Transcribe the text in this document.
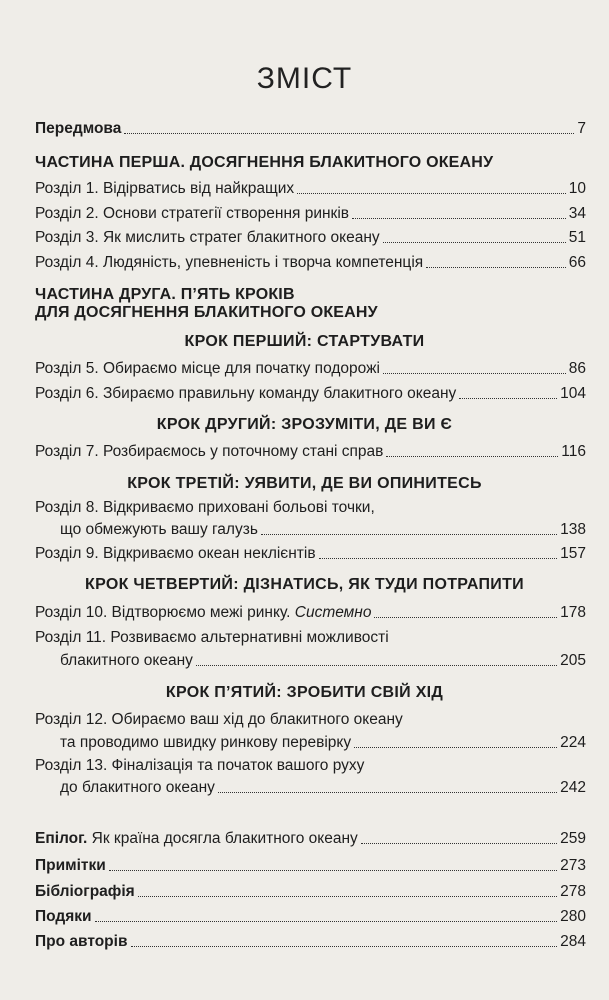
ЗМІСТ
Передмова	7
ЧАСТИНА ПЕРША. ДОСЯГНЕННЯ БЛАКИТНОГО ОКЕАНУ
Розділ 1. Відірватись від найкращих	10
Розділ 2. Основи стратегії створення ринків	34
Розділ 3. Як мислить стратег блакитного океану	51
Розділ 4. Людяність, упевненість і творча компетенція	66
ЧАСТИНА ДРУГА. П’ЯТЬ КРОКІВ
ДЛЯ ДОСЯГНЕННЯ БЛАКИТНОГО ОКЕАНУ
КРОК ПЕРШИЙ: СТАРТУВАТИ
Розділ 5. Обираємо місце для початку подорожі	86
Розділ 6. Збираємо правильну команду блакитного океану	104
КРОК ДРУГИЙ: ЗРОЗУМІТИ, ДЕ ВИ Є
Розділ 7. Розбираємось у поточному стані справ	116
КРОК ТРЕТІЙ: УЯВИТИ, ДЕ ВИ ОПИНИТЕСЬ
Розділ 8. Відкриваємо приховані больові точки,
що обмежують вашу галузь	138
Розділ 9. Відкриваємо океан неклієнтів	157
КРОК ЧЕТВЕРТИЙ: ДІЗНАТИСЬ, ЯК ТУДИ ПОТРАПИТИ
Розділ 10. Відтворюємо межі ринку. Системно	178
Розділ 11. Розвиваємо альтернативні можливості
блакитного океану	205
КРОК П’ЯТИЙ: ЗРОБИТИ СВІЙ ХІД
Розділ 12. Обираємо ваш хід до блакитного океану
та проводимо швидку ринкову перевірку	224
Розділ 13. Фіналізація та початок вашого руху
до блакитного океану	242
Епілог. Як країна досягла блакитного океану	259
Примітки	273
Бібліографія	278
Подяки	280
Про авторів	284
